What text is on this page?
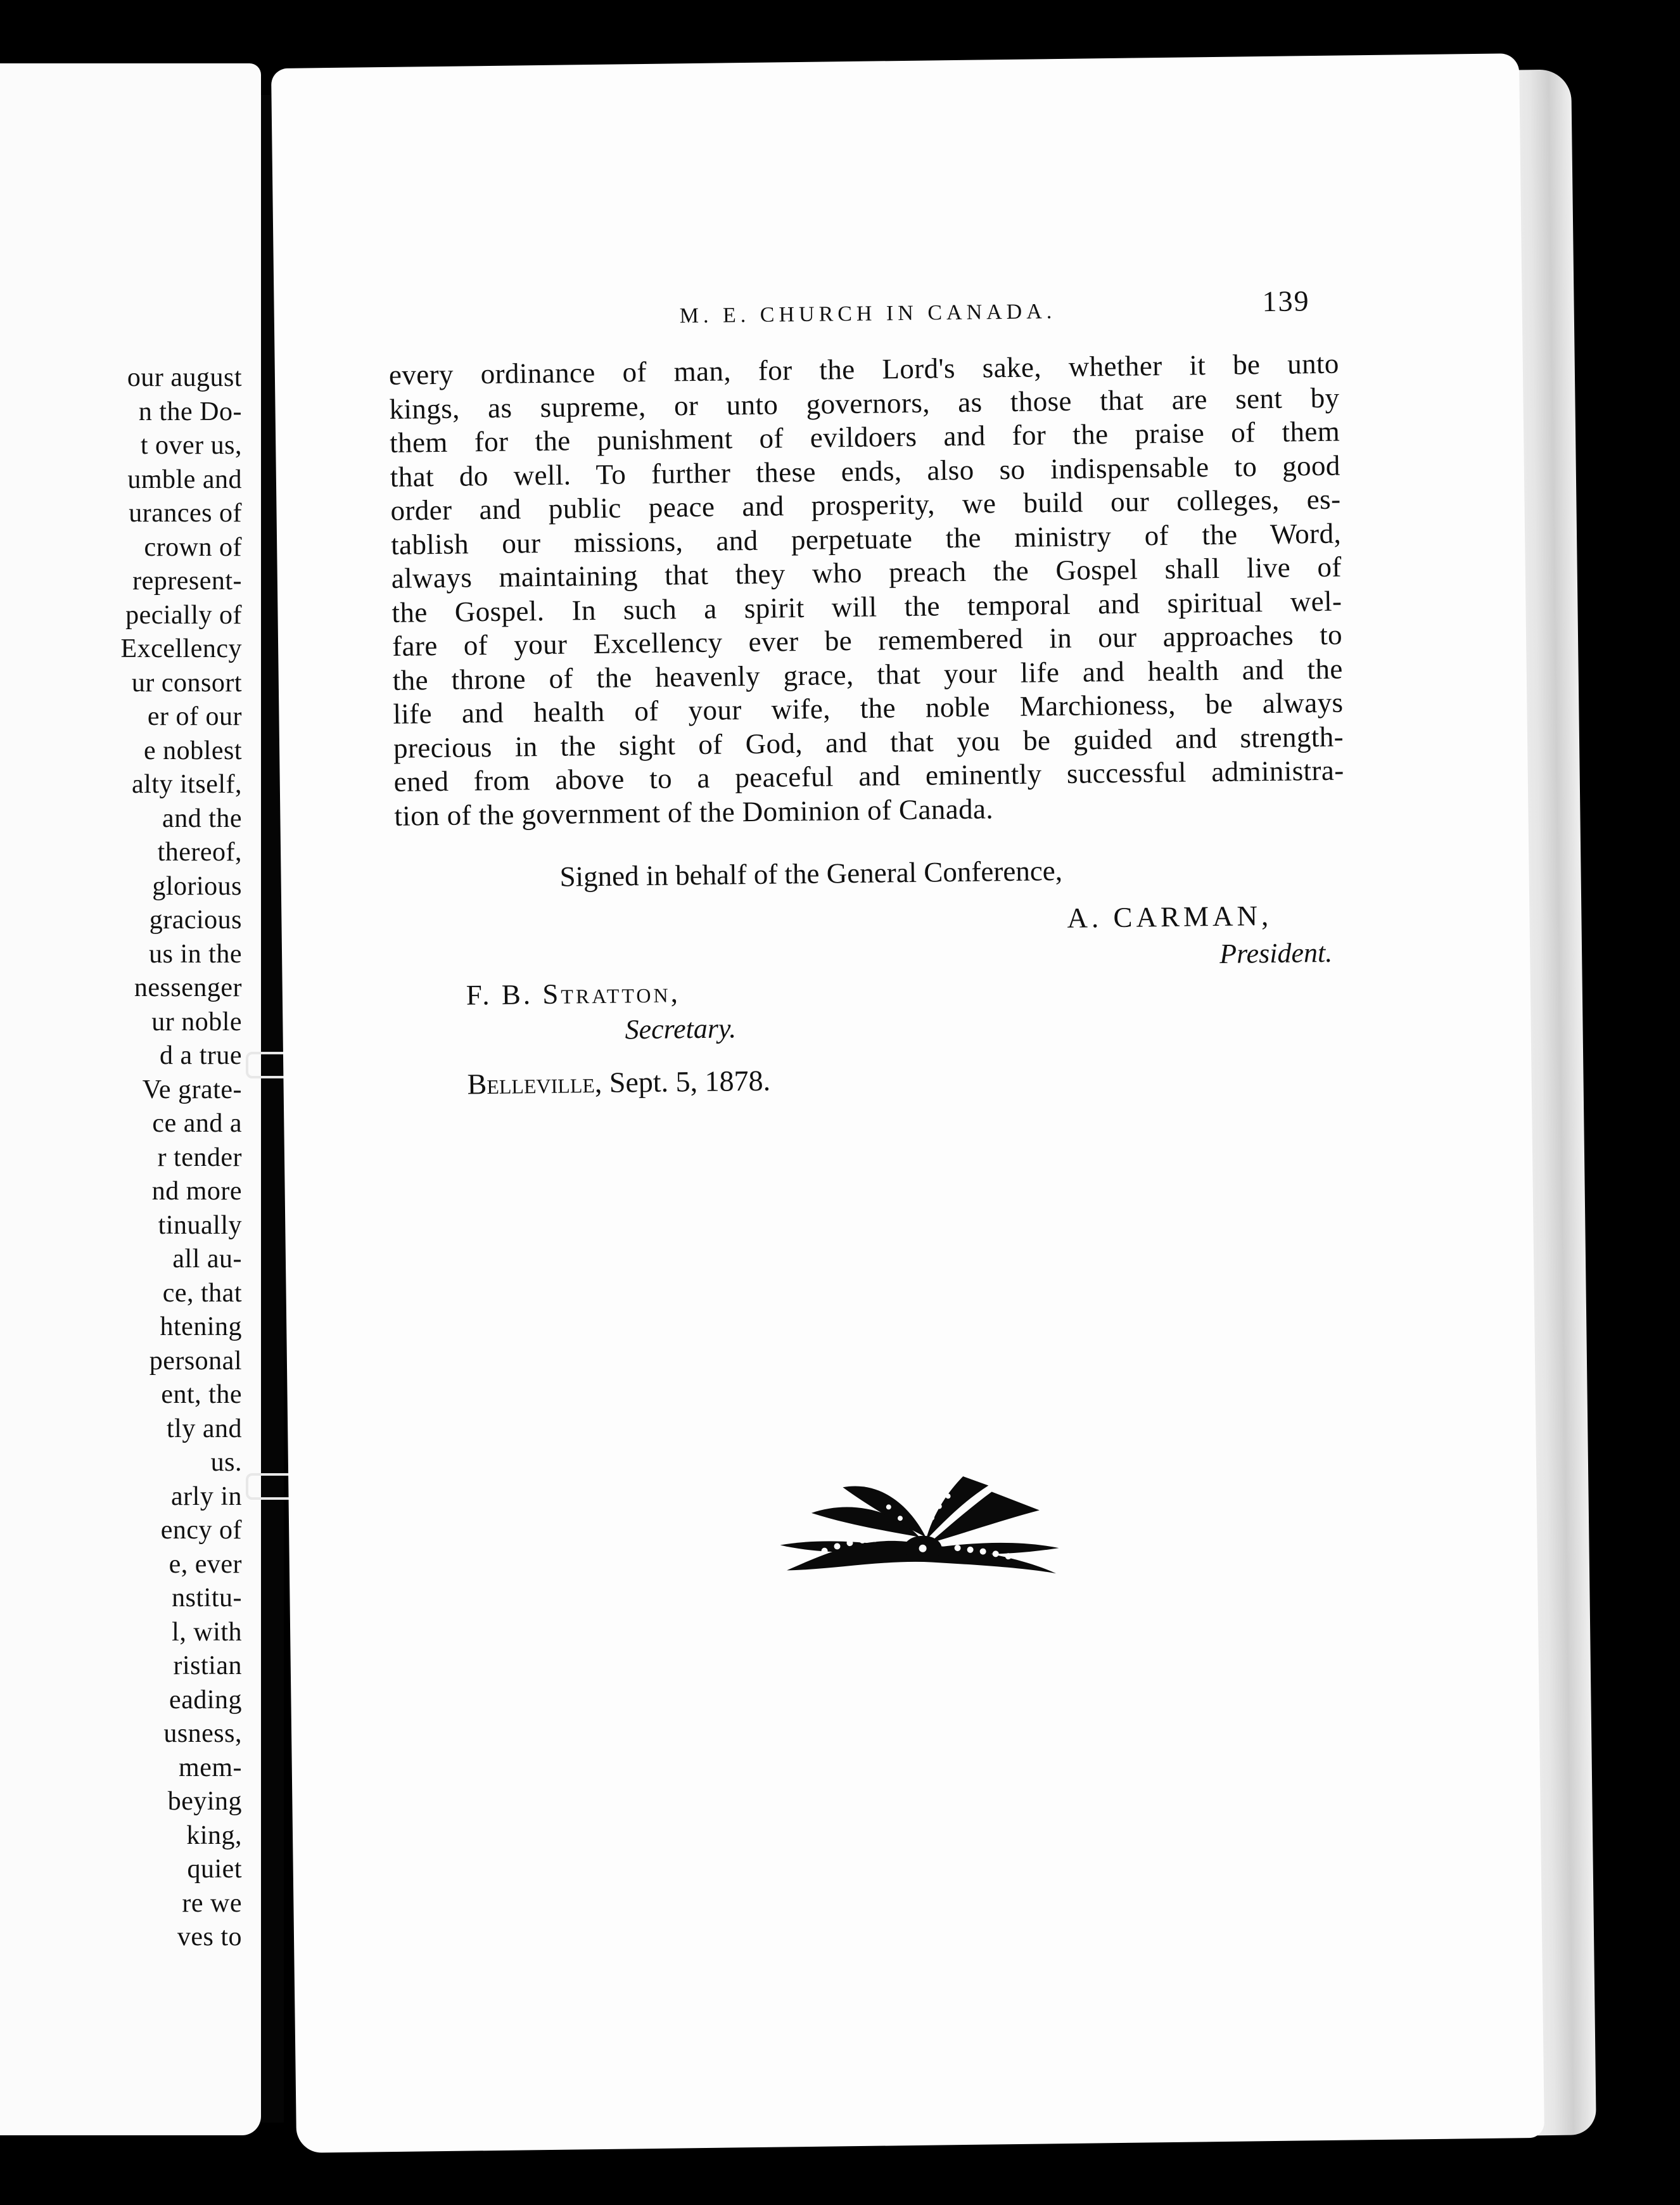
our august
n the Do-
t over us,
umble and
urances of
crown of
represent-
pecially of
Excellency
ur consort
er of our
e noblest
alty itself,
and the
thereof,
glorious
gracious
us in the
nessenger
ur noble
d a true
Ve grate-
ce and a
r tender
nd more
tinually
all au-
ce, that
htening
personal
ent, the
tly and
us.
arly in
ency of
e, ever
nstitu-
l, with
ristian
eading
usness,
mem-
beying
king,
quiet
re we
ves to
M. E. CHURCH IN CANADA.	139
every ordinance of man, for the Lord's sake, whether it be unto
kings, as supreme, or unto governors, as those that are sent by
them for the punishment of evildoers and for the praise of them
that do well. To further these ends, also so indispensable to good
order and public peace and prosperity, we build our colleges, es-
tablish our missions, and perpetuate the ministry of the Word,
always maintaining that they who preach the Gospel shall live of
the Gospel. In such a spirit will the temporal and spiritual wel-
fare of your Excellency ever be remembered in our approaches to
the throne of the heavenly grace, that your life and health and the
life and health of your wife, the noble Marchioness, be always
precious in the sight of God, and that you be guided and strength-
ened from above to a peaceful and eminently successful administra-
tion of the government of the Dominion of Canada.
Signed in behalf of the General Conference,
A. CARMAN,
President.
F. B. Stratton,
Secretary.
Belleville, Sept. 5, 1878.
